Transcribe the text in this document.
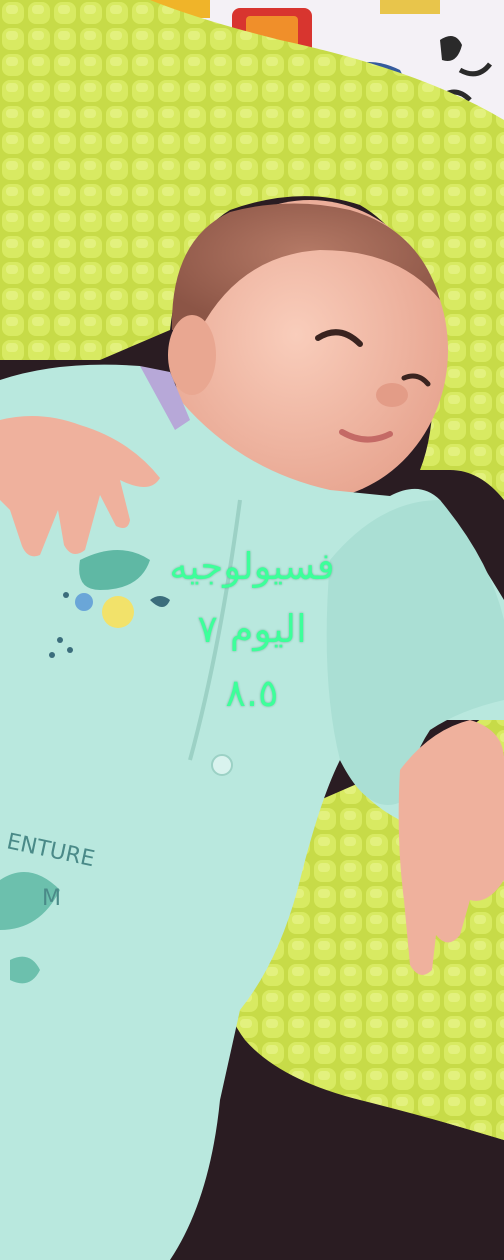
ENTURE
M
فسيولوجيه
اليوم ٧
٨.٥
